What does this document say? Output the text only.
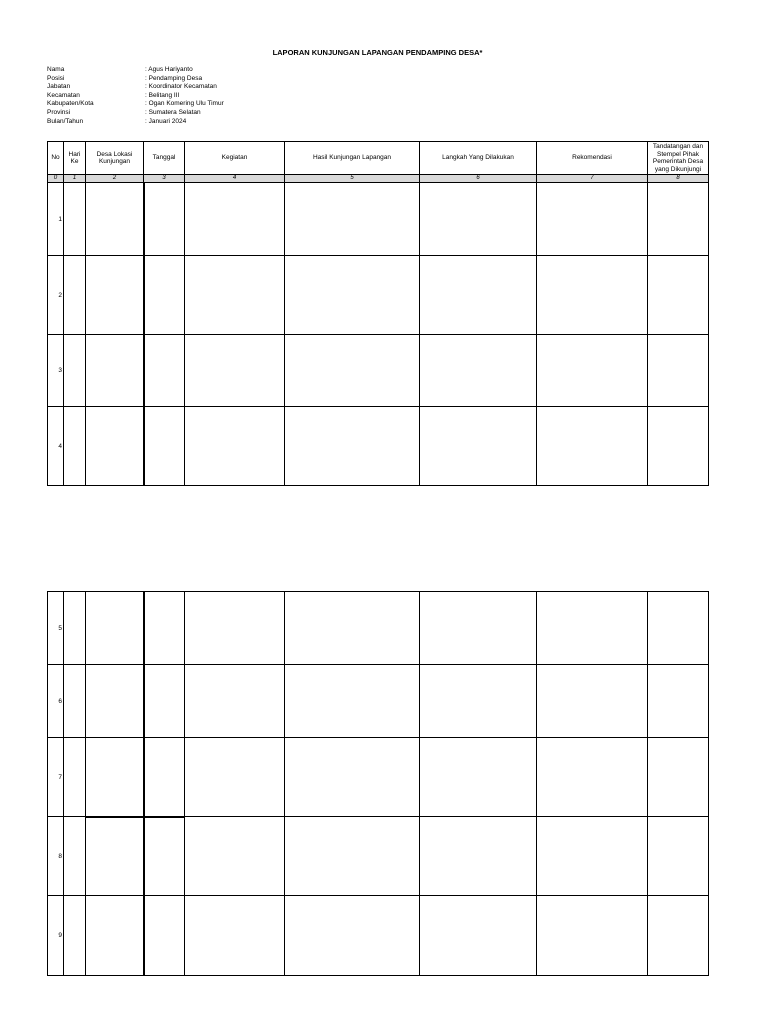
LAPORAN KUNJUNGAN LAPANGAN PENDAMPING DESA*
Nama	: Agus Hariyanto
Posisi	: Pendamping Desa
Jabatan	: Koordinator Kecamatan
Kecamatan	: Belitang III
Kabupaten/Kota	: Ogan Komering Ulu Timur
Provinsi	: Sumatera Selatan
Bulan/Tahun	: Januari 2024
No	Hari Ke	Desa Lokasi Kunjungan	Tanggal	Kegiatan	Hasil Kunjungan Lapangan	Langkah Yang Dilakukan	Rekomendasi	Tandatangan dan Stempel Pihak Pemerintah Desa yang Dikunjungi
0	1	2	3	4	5	6	7	8
1								
2								
3								
4								
5								
6								
7								
8								
9								
